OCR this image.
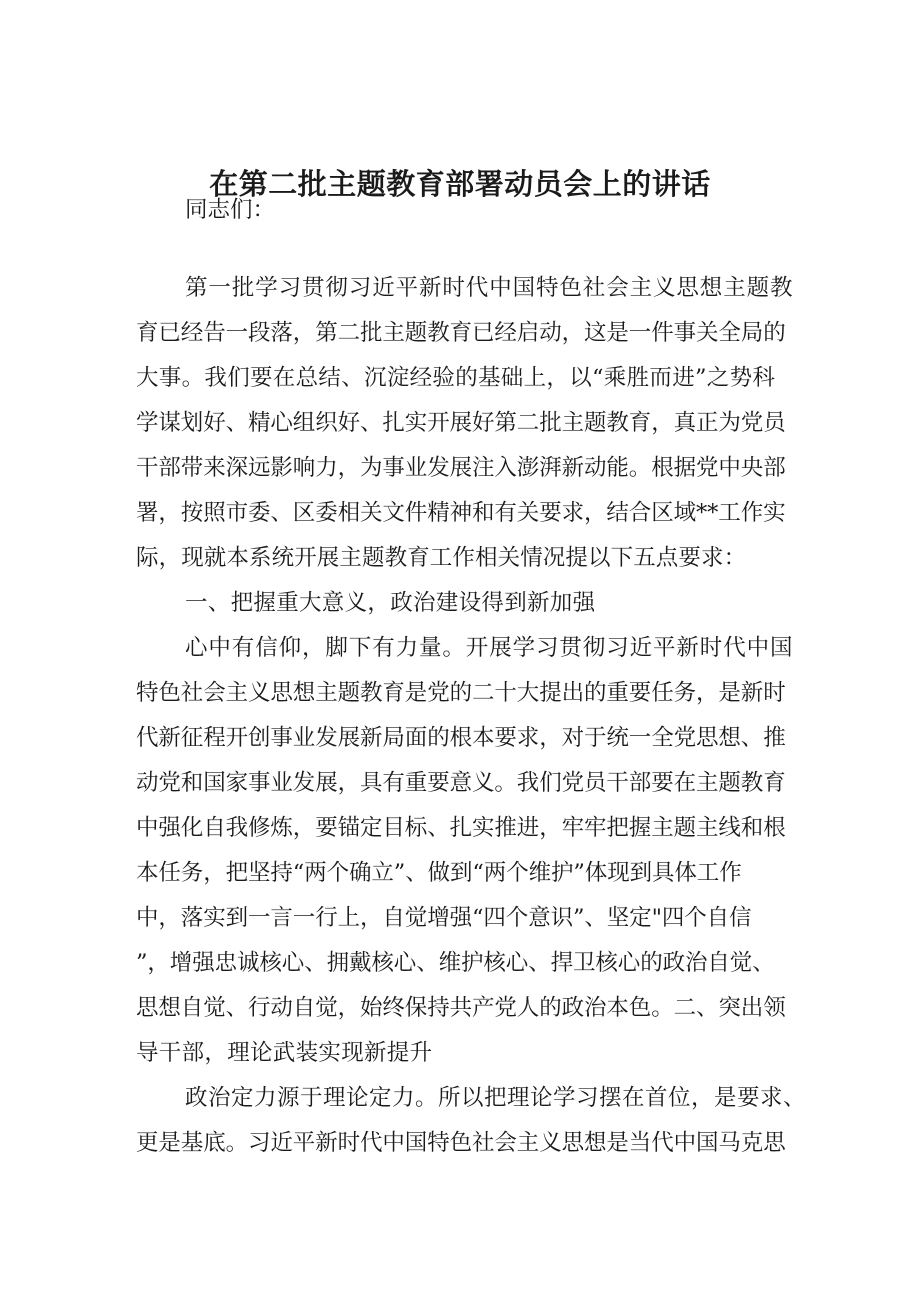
在第二批主题教育部署动员会上的讲话

同志们：

第一批学习贯彻习近平新时代中国特色社会主义思想主题教

育已经告一段落，第二批主题教育已经启动，这是一件事关全局的

大事。我们要在总结、沉淀经验的基础上，以“乘胜而进”之势科

学谋划好、精心组织好、扎实开展好第二批主题教育，真正为党员

干部带来深远影响力，为事业发展注入澎湃新动能。根据党中央部

署，按照市委、区委相关文件精神和有关要求，结合区域**工作实

际，现就本系统开展主题教育工作相关情况提以下五点要求：

一、把握重大意义，政治建设得到新加强

心中有信仰，脚下有力量。开展学习贯彻习近平新时代中国

特色社会主义思想主题教育是党的二十大提出的重要任务，是新时

代新征程开创事业发展新局面的根本要求，对于统一全党思想、推

动党和国家事业发展，具有重要意义。我们党员干部要在主题教育

中强化自我修炼，要锚定目标、扎实推进，牢牢把握主题主线和根

本任务，把坚持“两个确立”、做到“两个维护”体现到具体工作

中，落实到一言一行上，自觉增强“四个意识”、坚定"四个自信

”，增强忠诚核心、拥戴核心、维护核心、捍卫核心的政治自觉、

思想自觉、行动自觉，始终保持共产党人的政治本色。二、突出领

导干部，理论武装实现新提升

政治定力源于理论定力。所以把理论学习摆在首位，是要求、

更是基底。习近平新时代中国特色社会主义思想是当代中国马克思
